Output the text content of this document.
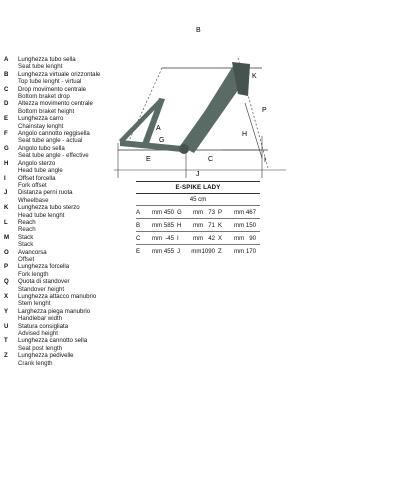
A	Lunghezza tubo sella
Seat tube lenght
B	Lunghezza virtuale orizzontale
Top tube lenght - virtual
C	Drop movimento centrale
Bottom braket drop
D	Altezza movimento centrale
Bottom braket height
E	Lunghezza carro
Chainstay lenght
F	Angolo cannotto reggisella
Seat tube angle - actual
G	Angolo tubo sella
Seat tube angle - effective
H	Angolo sterzo
Head tube angle
I	Offset forcella
Fork offset
J	Distanza perni ruota
Wheelbase
K	Lunghezza tubo sterzo
Head tube lenght
L	Reach
Reach
M	Stack
Stack
O	Avancorsa
Offset
P	Lunghezza forcella
Fork length
Q	Quota di standover
Standover height
X	Lunghezza attacco manubrio
Stem lenght
Y	Larghezza piega manubrio
Handlebar width
U	Statura consigliata
Advised height
T	Lunghezza cannotto sella
Seat post length
Z	Lunghezza pedivelle
Crank length
B
A
G
K
P
H
C	I
E
J
E-SPIKE LADY
45 cm
A	mm 450 G	mm 73 P	mm 467
B	mm 585 H	mm 71 K	mm 150
C	mm -45 I	mm 42 X	mm 90
E	mm 455 J	mm 1090 Z	mm 170
